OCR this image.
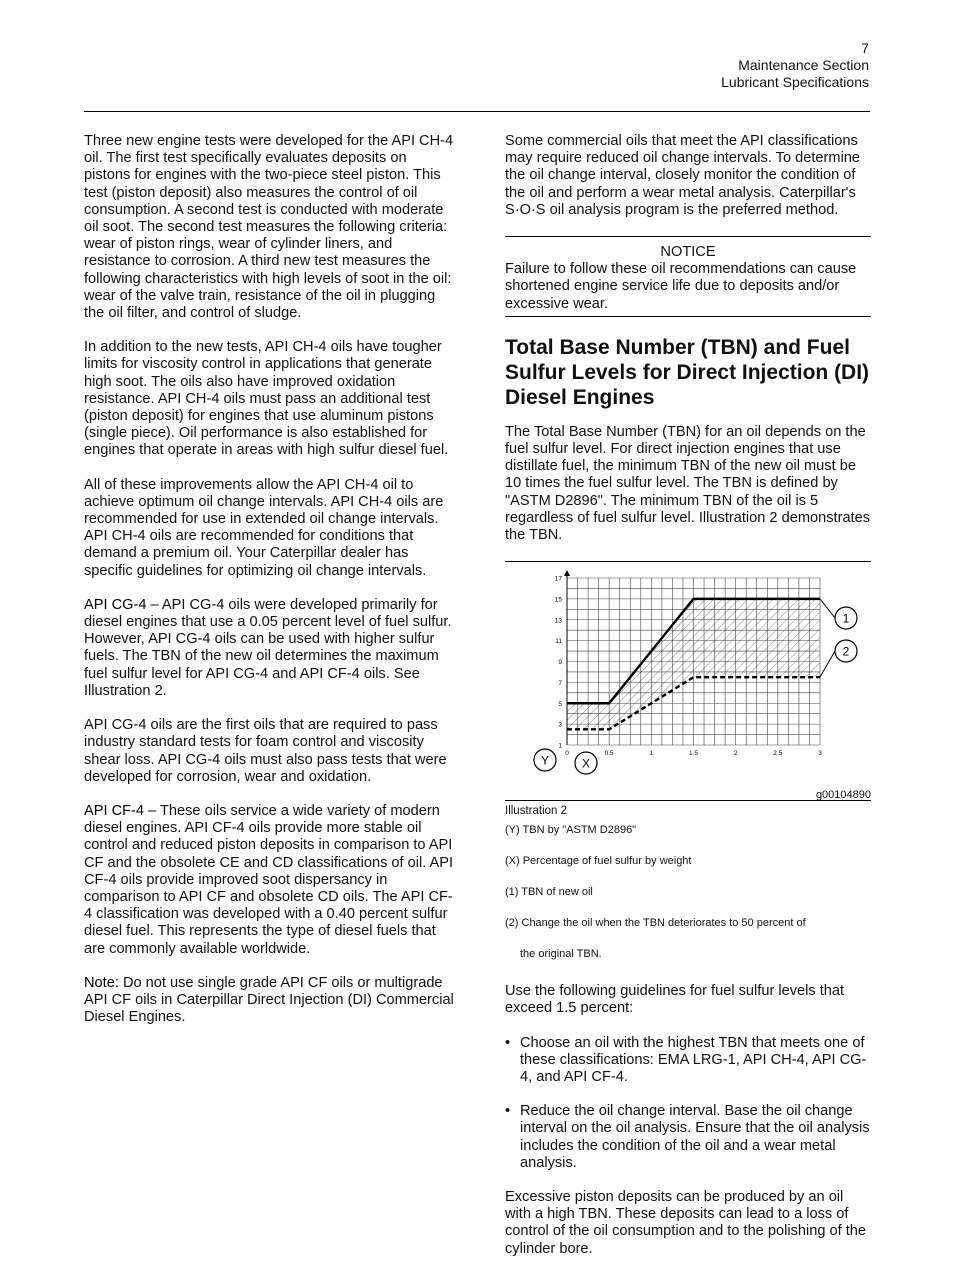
7
Maintenance Section
Lubricant Specifications

Three new engine tests were developed for the API CH-4 oil. The first test specifically evaluates deposits on pistons for engines with the two-piece steel piston. This test (piston deposit) also measures the control of oil consumption. A second test is conducted with moderate oil soot. The second test measures the following criteria: wear of piston rings, wear of cylinder liners, and resistance to corrosion. A third new test measures the following characteristics with high levels of soot in the oil: wear of the valve train, resistance of the oil in plugging the oil filter, and control of sludge.

In addition to the new tests, API CH-4 oils have tougher limits for viscosity control in applications that generate high soot. The oils also have improved oxidation resistance. API CH-4 oils must pass an additional test (piston deposit) for engines that use aluminum pistons (single piece). Oil performance is also established for engines that operate in areas with high sulfur diesel fuel.

All of these improvements allow the API CH-4 oil to achieve optimum oil change intervals. API CH-4 oils are recommended for use in extended oil change intervals. API CH-4 oils are recommended for conditions that demand a premium oil. Your Caterpillar dealer has specific guidelines for optimizing oil change intervals.

API CG-4 – API CG-4 oils were developed primarily for diesel engines that use a 0.05 percent level of fuel sulfur. However, API CG-4 oils can be used with higher sulfur fuels. The TBN of the new oil determines the maximum fuel sulfur level for API CG-4 and API CF-4 oils. See Illustration 2.

API CG-4 oils are the first oils that are required to pass industry standard tests for foam control and viscosity shear loss. API CG-4 oils must also pass tests that were developed for corrosion, wear and oxidation.

API CF-4 – These oils service a wide variety of modern diesel engines. API CF-4 oils provide more stable oil control and reduced piston deposits in comparison to API CF and the obsolete CE and CD classifications of oil. API CF-4 oils provide improved soot dispersancy in comparison to API CF and obsolete CD oils. The API CF-4 classification was developed with a 0.40 percent sulfur diesel fuel. This represents the type of diesel fuels that are commonly available worldwide.

Note: Do not use single grade API CF oils or multigrade API CF oils in Caterpillar Direct Injection (DI) Commercial Diesel Engines.

Some commercial oils that meet the API classifications may require reduced oil change intervals. To determine the oil change interval, closely monitor the condition of the oil and perform a wear metal analysis. Caterpillar's S·O·S oil analysis program is the preferred method.

NOTICE

Failure to follow these oil recommendations can cause shortened engine service life due to deposits and/or excessive wear.

Total Base Number (TBN) and Fuel Sulfur Levels for Direct Injection (DI) Diesel Engines

The Total Base Number (TBN) for an oil depends on the fuel sulfur level. For direct injection engines that use distillate fuel, the minimum TBN of the new oil must be 10 times the fuel sulfur level. The TBN is defined by "ASTM D2896". The minimum TBN of the oil is 5 regardless of fuel sulfur level. Illustration 2 demonstrates the TBN.

1
3
5
7
9
11
13
15
17
0	0.5	1	1.5	2	2.5	3
Y	X
1
2
g00104890
Illustration 2

(Y) TBN by "ASTM D2896"

(X) Percentage of fuel sulfur by weight

(1) TBN of new oil

(2) Change the oil when the TBN deteriorates to 50 percent of

the original TBN.

Use the following guidelines for fuel sulfur levels that exceed 1.5 percent:

• Choose an oil with the highest TBN that meets one of these classifications: EMA LRG-1, API CH-4, API CG-4, and API CF-4.
• Reduce the oil change interval. Base the oil change interval on the oil analysis. Ensure that the oil analysis includes the condition of the oil and a wear metal analysis.

Excessive piston deposits can be produced by an oil with a high TBN. These deposits can lead to a loss of control of the oil consumption and to the polishing of the cylinder bore.
